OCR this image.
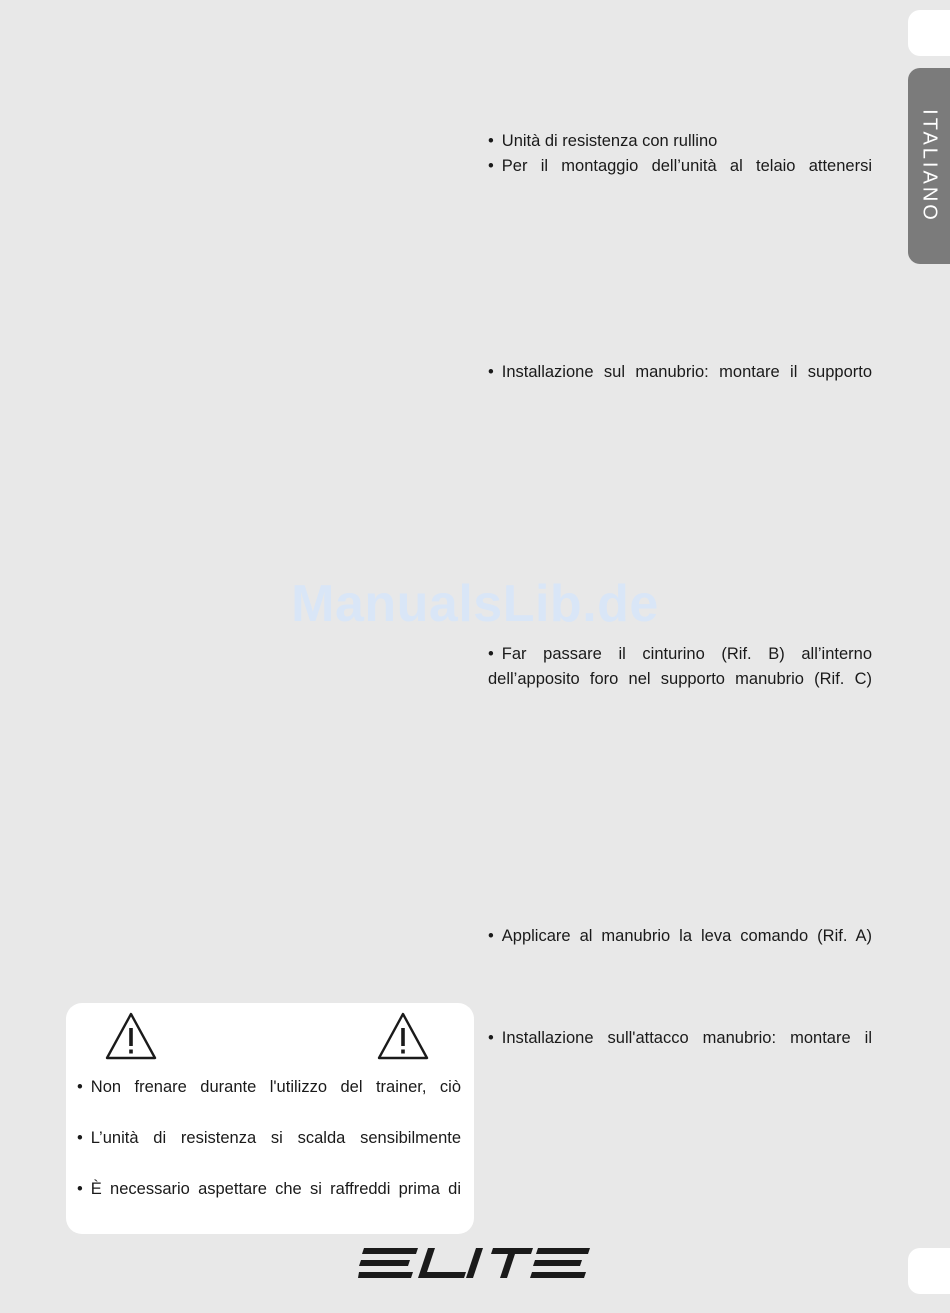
ITALIANO
• Unità di resistenza con rullino
• Per il montaggio dell’unità al telaio attenersi
• Installazione sul manubrio: montare il supporto
ManualsLib.de
• Far passare il cinturino (Rif. B) all’interno
dell’apposito foro nel supporto manubrio (Rif. C)
• Applicare al manubrio la leva comando (Rif. A)
• Installazione sull'attacco manubrio: montare il
• Non frenare durante l'utilizzo del trainer, ciò
• L’unità di resistenza si scalda sensibilmente
• È necessario aspettare che si raffreddi prima di
